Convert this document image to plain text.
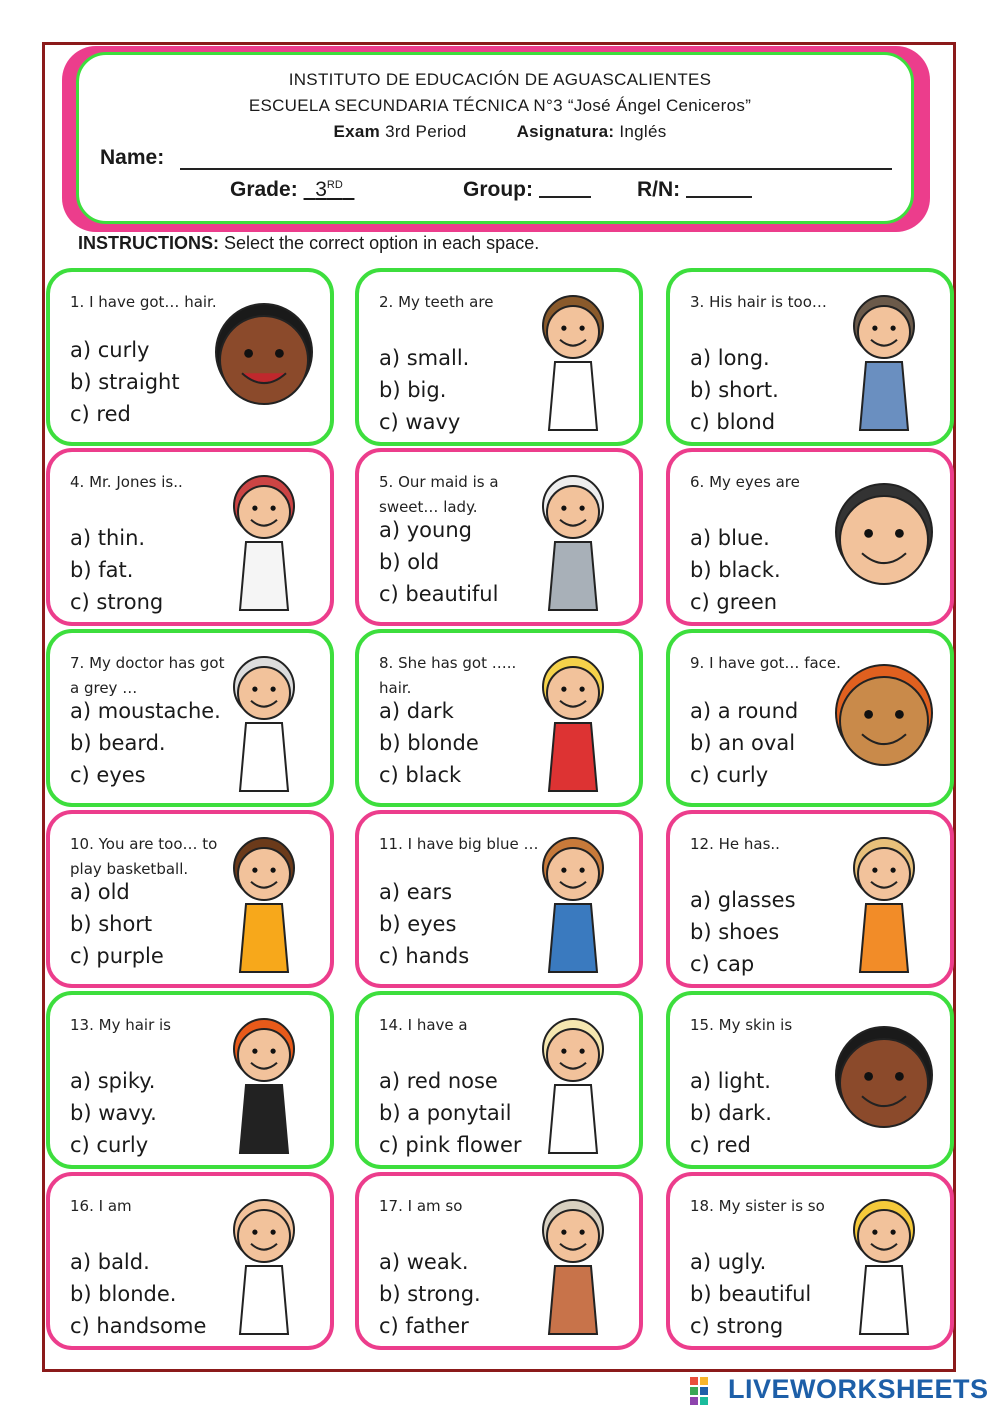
INSTITUTO DE EDUCACIÓN DE AGUASCALIENTES
ESCUELA SECUNDARIA TÉCNICA N°3 “José Ángel Ceniceros”
Exam 3rd Period	Asignatura: Inglés
Name:
Grade: 3RD	Group:	R/N:
INSTRUCTIONS: Select the correct option in each space.
1. I have got… hair.
a) curly
b) straight
c) red
2. My teeth are
a) small.
b) big.
c) wavy
3. His hair is too…
a) long.
b) short.
c) blond
4. Mr. Jones is..
a) thin.
b) fat.
c) strong
5. Our maid is a sweet… lady.
a) young
b) old
c) beautiful
6. My eyes are
a) blue.
b) black.
c) green
7. My doctor has got a grey …
a) moustache.
b) beard.
c) eyes
8. She has got ….. hair.
a) dark
b) blonde
c) black
9. I have got… face.
a) a round
b) an oval
c) curly
10. You are too… to play basketball.
a) old
b) short
c) purple
11. I have big blue …
a) ears
b) eyes
c) hands
12. He has..
a) glasses
b) shoes
c) cap
13. My hair is
a) spiky.
b) wavy.
c) curly
14. I have a
a) red nose
b) a ponytail
c) pink flower
15. My skin is
a) light.
b) dark.
c) red
16. I am
a) bald.
b) blonde.
c) handsome
17. I am so
a) weak.
b) strong.
c) father
18. My sister is so
a) ugly.
b) beautiful
c) strong
LIVEWORKSHEETS
